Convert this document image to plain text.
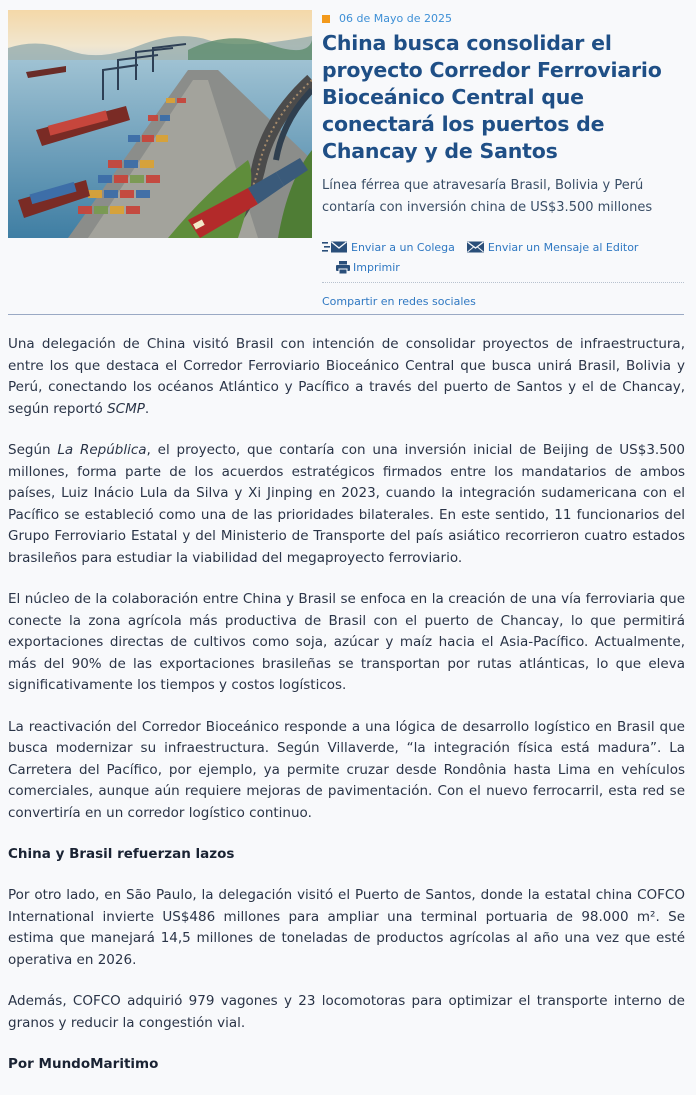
06 de Mayo de 2025
China busca consolidar el proyecto Corredor Ferroviario Bioceánico Central que conectará los puertos de Chancay y de Santos

Línea férrea que atravesaría Brasil, Bolivia y Perú contaría con inversión china de US$3.500 millones

Enviar a un Colega	Enviar un Mensaje al Editor
Imprimir
Compartir en redes sociales

Una delegación de China visitó Brasil con intención de consolidar proyectos de infraestructura, entre los que destaca el Corredor Ferroviario Bioceánico Central que busca unirá Brasil, Bolivia y Perú, conectando los océanos Atlántico y Pacífico a través del puerto de Santos y el de Chancay, según reportó SCMP.

Según La República, el proyecto, que contaría con una inversión inicial de Beijing de US$3.500 millones, forma parte de los acuerdos estratégicos firmados entre los mandatarios de ambos países, Luiz Inácio Lula da Silva y Xi Jinping en 2023, cuando la integración sudamericana con el Pacífico se estableció como una de las prioridades bilaterales. En este sentido, 11 funcionarios del Grupo Ferroviario Estatal y del Ministerio de Transporte del país asiático recorrieron cuatro estados brasileños para estudiar la viabilidad del megaproyecto ferroviario.

El núcleo de la colaboración entre China y Brasil se enfoca en la creación de una vía ferroviaria que conecte la zona agrícola más productiva de Brasil con el puerto de Chancay, lo que permitirá exportaciones directas de cultivos como soja, azúcar y maíz hacia el Asia-Pacífico. Actualmente, más del 90% de las exportaciones brasileñas se transportan por rutas atlánticas, lo que eleva significativamente los tiempos y costos logísticos.

La reactivación del Corredor Bioceánico responde a una lógica de desarrollo logístico en Brasil que busca modernizar su infraestructura. Según Villaverde, “la integración física está madura”. La Carretera del Pacífico, por ejemplo, ya permite cruzar desde Rondônia hasta Lima en vehículos comerciales, aunque aún requiere mejoras de pavimentación. Con el nuevo ferrocarril, esta red se convertiría en un corredor logístico continuo.

China y Brasil refuerzan lazos

Por otro lado, en São Paulo, la delegación visitó el Puerto de Santos, donde la estatal china COFCO International invierte US$486 millones para ampliar una terminal portuaria de 98.000 m². Se estima que manejará 14,5 millones de toneladas de productos agrícolas al año una vez que esté operativa en 2026.

Además, COFCO adquirió 979 vagones y 23 locomotoras para optimizar el transporte interno de granos y reducir la congestión vial.

Por MundoMaritimo
